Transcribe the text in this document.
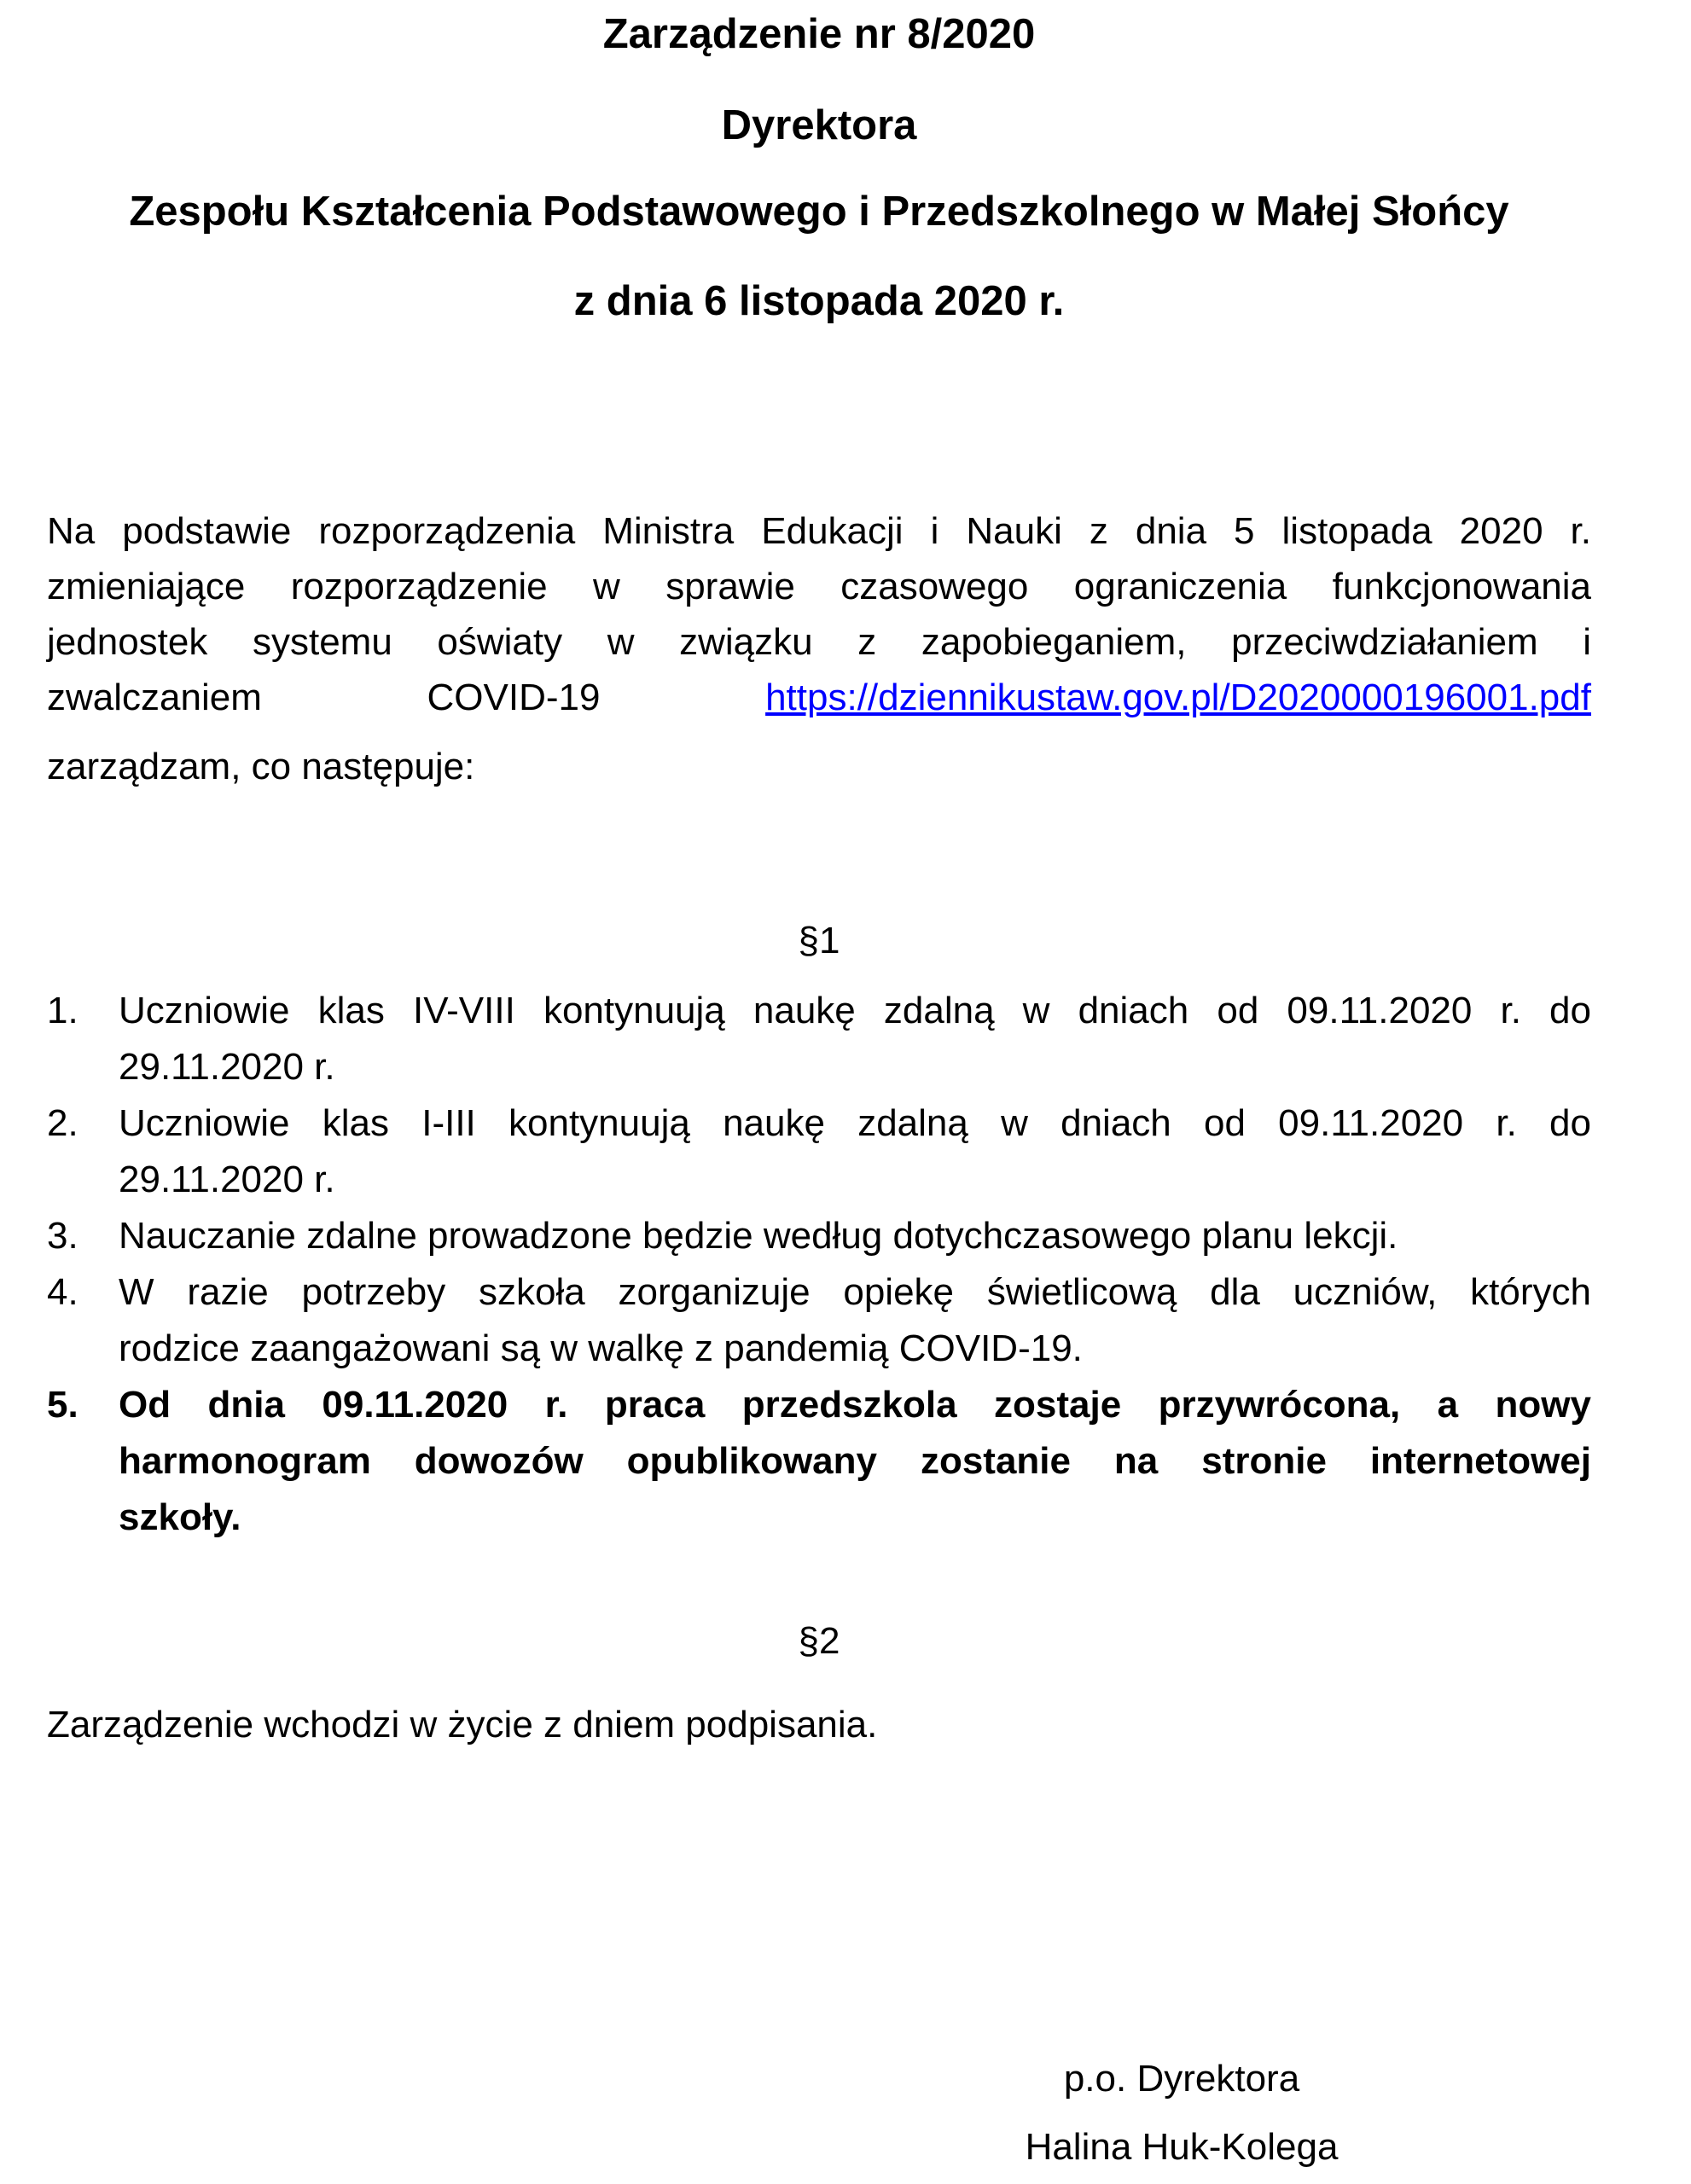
Zarządzenie nr 8/2020
Dyrektora
Zespołu Kształcenia Podstawowego i Przedszkolnego w Małej Słońcy
z dnia 6 listopada 2020 r.
Na podstawie rozporządzenia Ministra Edukacji i Nauki z dnia 5 listopada 2020 r.
zmieniające rozporządzenie w sprawie czasowego ograniczenia funkcjonowania
jednostek systemu oświaty w związku z zapobieganiem, przeciwdziałaniem i
zwalczaniem	COVID-19	https://dziennikustaw.gov.pl/D2020000196001.pdf
zarządzam, co następuje:
§1
1. Uczniowie klas IV-VIII kontynuują naukę zdalną w dniach od 09.11.2020 r. do
29.11.2020 r.
2. Uczniowie klas I-III kontynuują naukę zdalną w dniach od 09.11.2020 r. do
29.11.2020 r.
3. Nauczanie zdalne prowadzone będzie według dotychczasowego planu lekcji.
4. W razie potrzeby szkoła zorganizuje opiekę świetlicową dla uczniów, których
rodzice zaangażowani są w walkę z pandemią COVID-19.
5. Od dnia 09.11.2020 r. praca przedszkola zostaje przywrócona, a nowy
harmonogram dowozów opublikowany zostanie na stronie internetowej
szkoły.
§2
Zarządzenie wchodzi w życie z dniem podpisania.
p.o. Dyrektora
Halina Huk-Kolega
